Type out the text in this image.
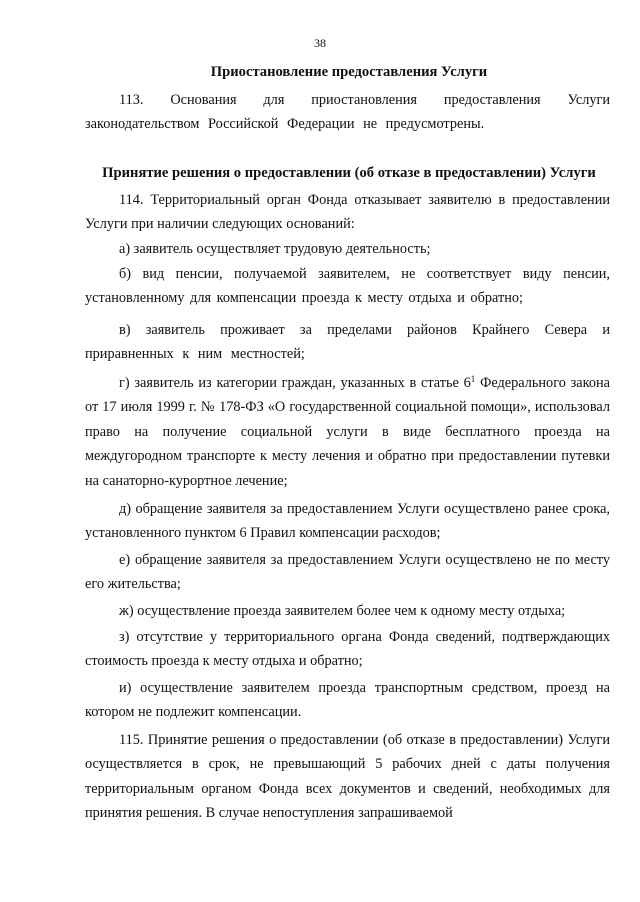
38
Приостановление предоставления Услуги
113. Основания для приостановления предоставления Услуги законодательством Российской Федерации не предусмотрены.
Принятие решения о предоставлении (об отказе в предоставлении) Услуги
114. Территориальный орган Фонда отказывает заявителю в предоставлении Услуги при наличии следующих оснований:
а) заявитель осуществляет трудовую деятельность;
б) вид пенсии, получаемой заявителем, не соответствует виду пенсии, установленному для компенсации проезда к месту отдыха и обратно;
в) заявитель проживает за пределами районов Крайнего Севера и приравненных к ним местностей;
г) заявитель из категории граждан, указанных в статье $6^1$ Федерального закона от 17 июля 1999 г. № 178-ФЗ «О государственной социальной помощи», использовал право на получение социальной услуги в виде бесплатного проезда на междугородном транспорте к месту лечения и обратно при предоставлении путевки на санаторно-курортное лечение;
д) обращение заявителя за предоставлением Услуги осуществлено ранее срока, установленного пунктом 6 Правил компенсации расходов;
е) обращение заявителя за предоставлением Услуги осуществлено не по месту его жительства;
ж) осуществление проезда заявителем более чем к одному месту отдыха;
з) отсутствие у территориального органа Фонда сведений, подтверждающих стоимость проезда к месту отдыха и обратно;
и) осуществление заявителем проезда транспортным средством, проезд на котором не подлежит компенсации.
115. Принятие решения о предоставлении (об отказе в предоставлении) Услуги осуществляется в срок, не превышающий 5 рабочих дней с даты получения территориальным органом Фонда всех документов и сведений, необходимых для принятия решения. В случае непоступления запрашиваемой
